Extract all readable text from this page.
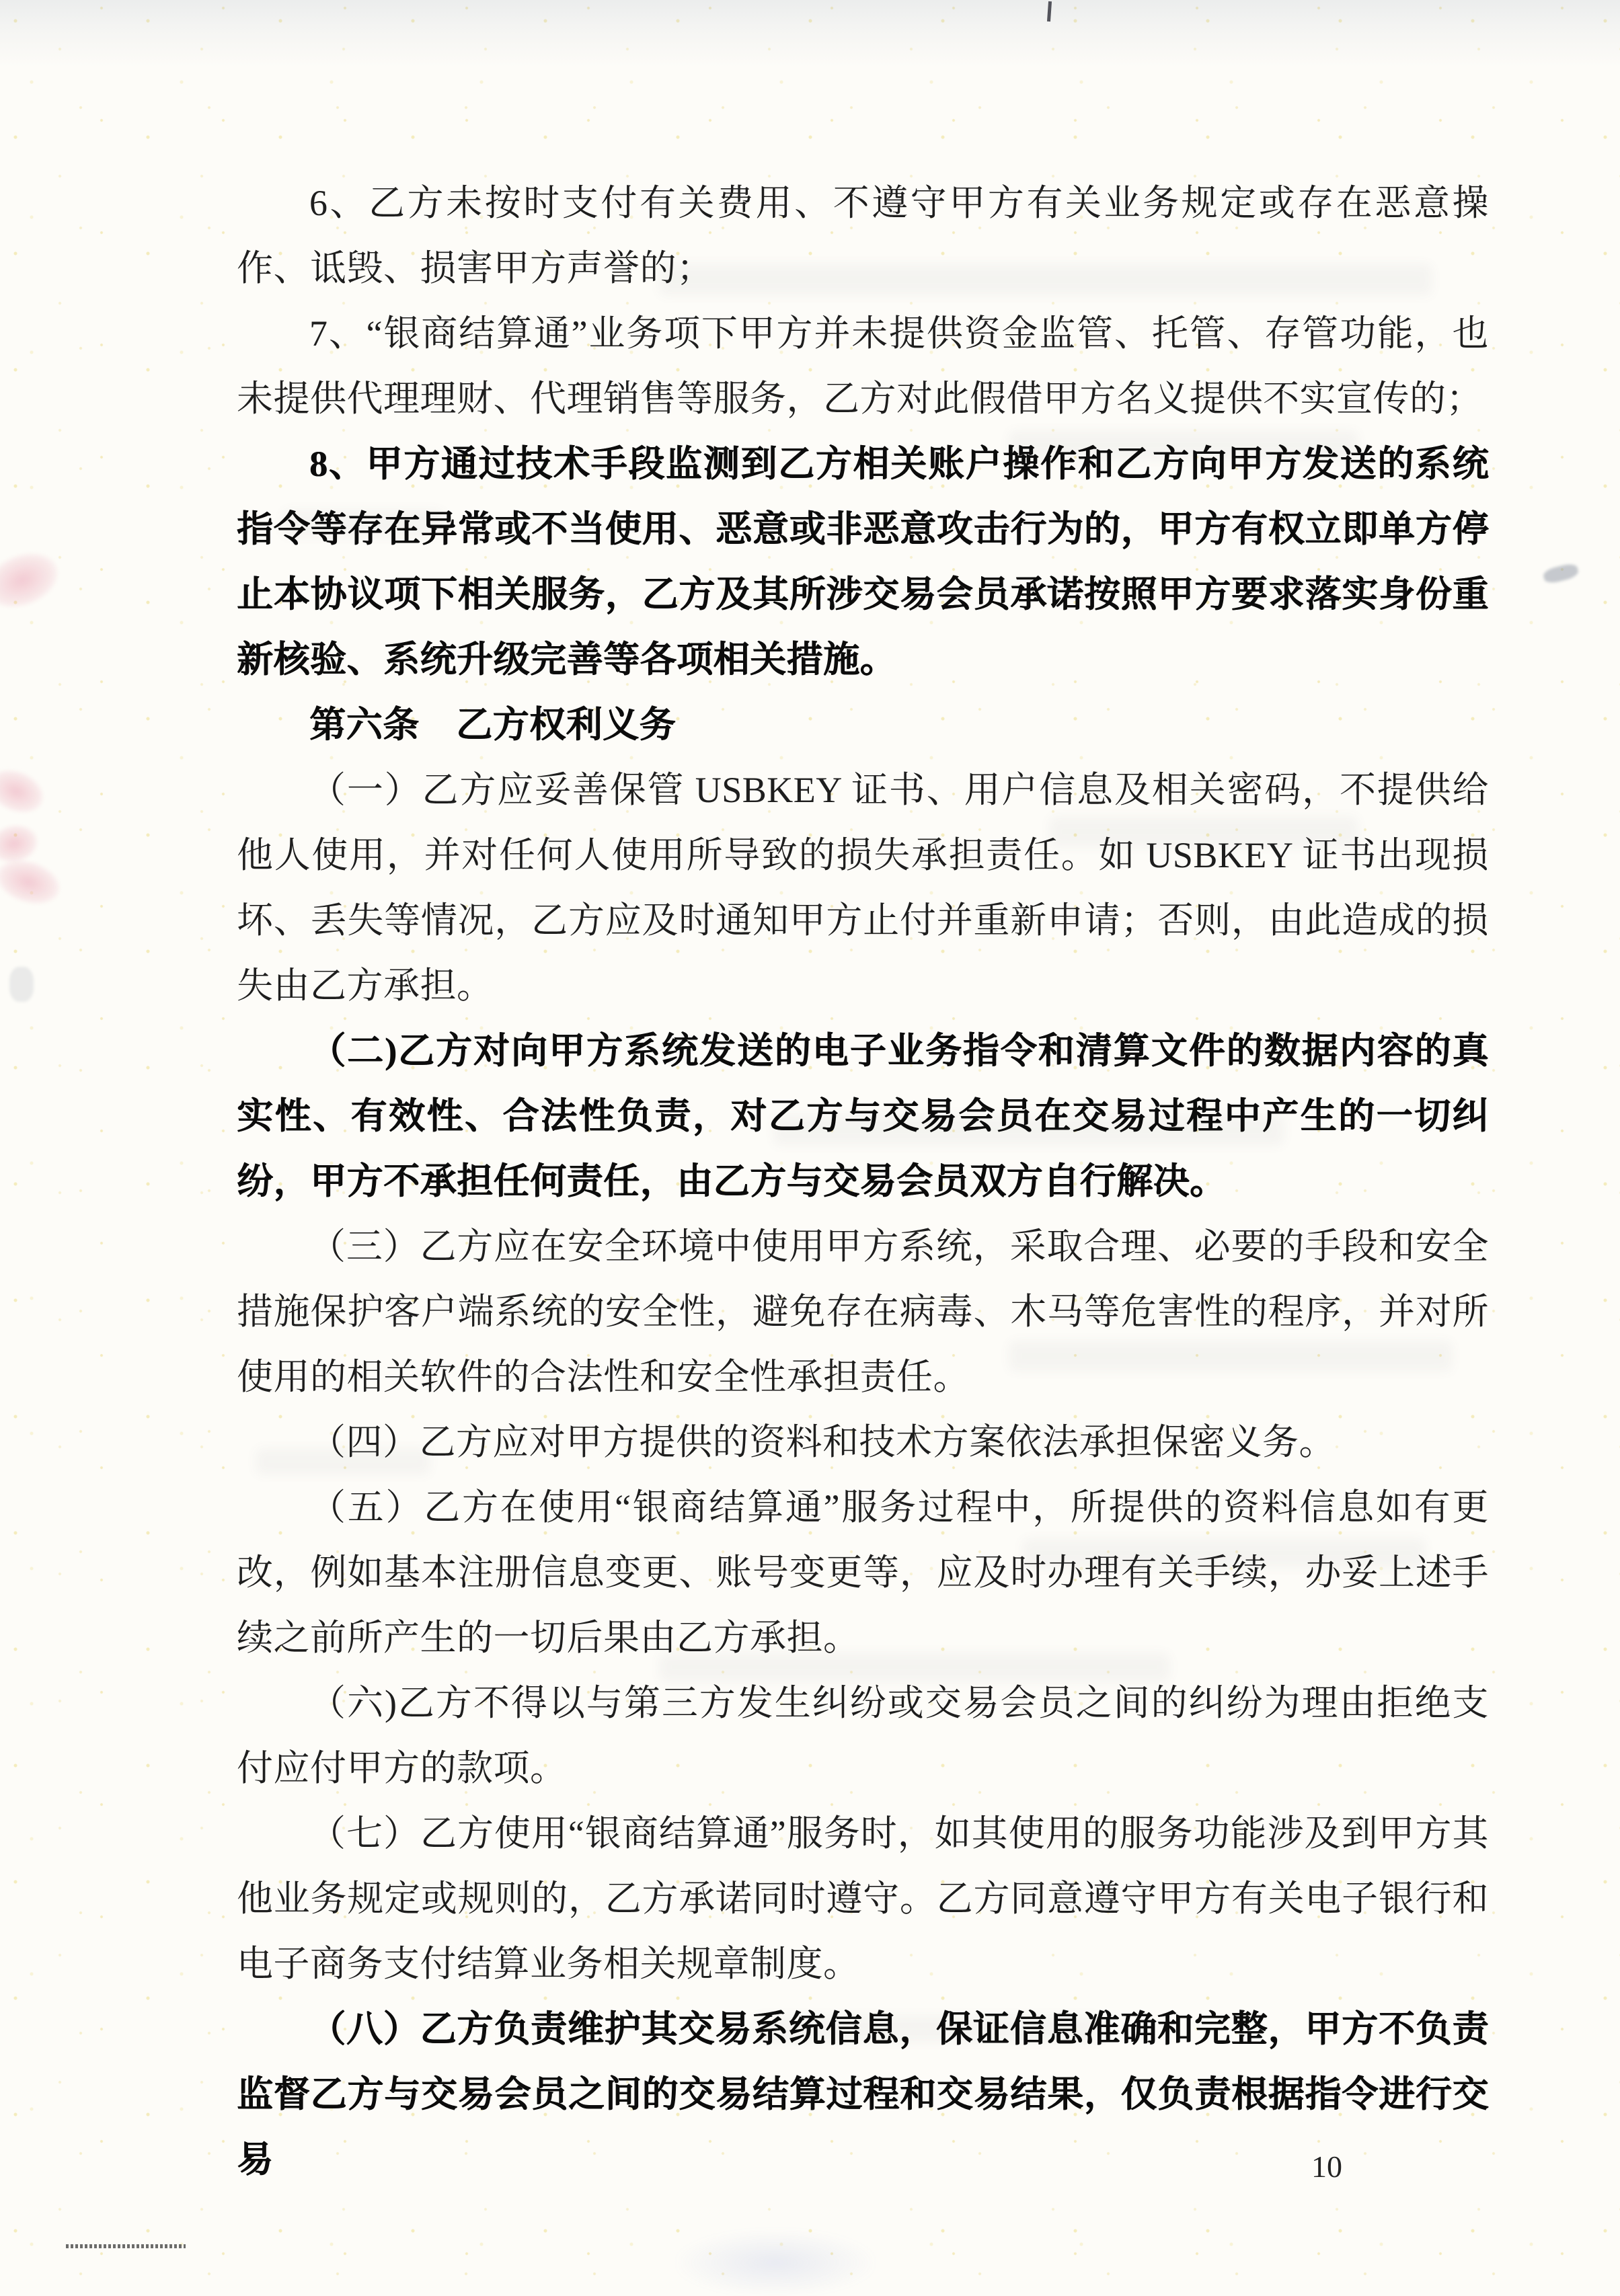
6、乙方未按时支付有关费用、不遵守甲方有关业务规定或存在恶意操作、诋毁、损害甲方声誉的；

7、“银商结算通”业务项下甲方并未提供资金监管、托管、存管功能，也未提供代理理财、代理销售等服务，乙方对此假借甲方名义提供不实宣传的；

8、甲方通过技术手段监测到乙方相关账户操作和乙方向甲方发送的系统指令等存在异常或不当使用、恶意或非恶意攻击行为的，甲方有权立即单方停止本协议项下相关服务，乙方及其所涉交易会员承诺按照甲方要求落实身份重新核验、系统升级完善等各项相关措施。

第六条　乙方权利义务

（一）乙方应妥善保管 USBKEY 证书、用户信息及相关密码，不提供给他人使用，并对任何人使用所导致的损失承担责任。如 USBKEY 证书出现损坏、丢失等情况，乙方应及时通知甲方止付并重新申请；否则，由此造成的损失由乙方承担。

（二)乙方对向甲方系统发送的电子业务指令和清算文件的数据内容的真实性、有效性、合法性负责，对乙方与交易会员在交易过程中产生的一切纠纷，甲方不承担任何责任，由乙方与交易会员双方自行解决。

（三）乙方应在安全环境中使用甲方系统，采取合理、必要的手段和安全措施保护客户端系统的安全性，避免存在病毒、木马等危害性的程序，并对所使用的相关软件的合法性和安全性承担责任。

（四）乙方应对甲方提供的资料和技术方案依法承担保密义务。

（五）乙方在使用“银商结算通”服务过程中，所提供的资料信息如有更改，例如基本注册信息变更、账号变更等，应及时办理有关手续，办妥上述手续之前所产生的一切后果由乙方承担。

（六)乙方不得以与第三方发生纠纷或交易会员之间的纠纷为理由拒绝支付应付甲方的款项。

（七）乙方使用“银商结算通”服务时，如其使用的服务功能涉及到甲方其他业务规定或规则的，乙方承诺同时遵守。乙方同意遵守甲方有关电子银行和电子商务支付结算业务相关规章制度。

（八）乙方负责维护其交易系统信息，保证信息准确和完整，甲方不负责监督乙方与交易会员之间的交易结算过程和交易结果，仅负责根据指令进行交易	10
